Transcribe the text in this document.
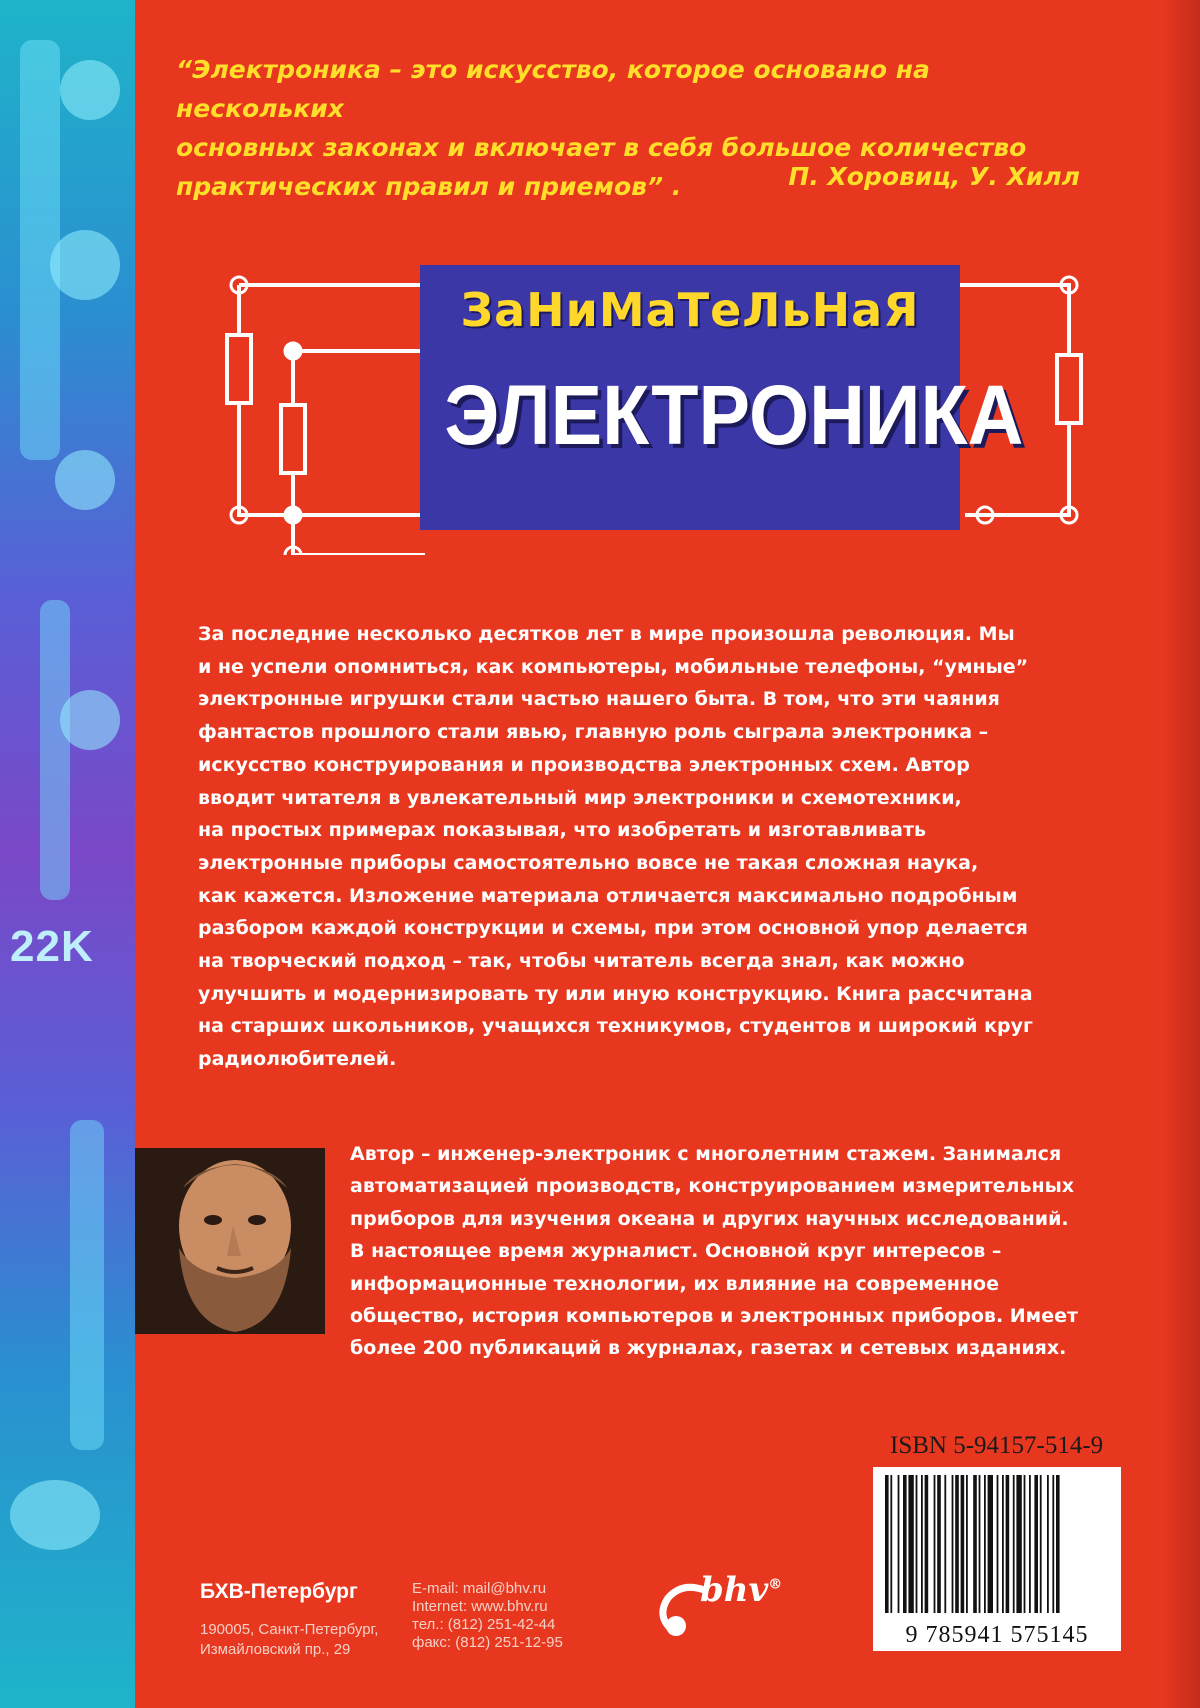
22K
“Электроника – это искусство, которое основано на нескольких
основных законах и включает в себя большое количество
практических правил и приемов” .	П. Хоровиц, У. Хилл
ЗаНиМаТеЛьНаЯ
ЭЛЕКТРОНИКА
За последние несколько десятков лет в мире произошла революция. Мы
и не успели опомниться, как компьютеры, мобильные телефоны, “умные”
электронные игрушки стали частью нашего быта. В том, что эти чаяния
фантастов прошлого стали явью, главную роль сыграла электроника –
искусство конструирования и производства электронных схем. Автор
вводит читателя в увлекательный мир электроники и схемотехники,
на простых примерах показывая, что изобретать и изготавливать
электронные приборы самостоятельно вовсе не такая сложная наука,
как кажется. Изложение материала отличается максимально подробным
разбором каждой конструкции и схемы, при этом основной упор делается
на творческий подход – так, чтобы читатель всегда знал, как можно
улучшить и модернизировать ту или иную конструкцию. Книга рассчитана
на старших школьников, учащихся техникумов, студентов и широкий круг
радиолюбителей.
Автор – инженер-электроник с многолетним стажем. Занимался
автоматизацией производств, конструированием измерительных
приборов для изучения океана и других научных исследований.
В настоящее время журналист. Основной круг интересов –
информационные технологии, их влияние на современное
общество, история компьютеров и электронных приборов. Имеет
более 200 публикаций в журналах, газетах и сетевых изданиях.
ISBN 5-94157-514-9
9 785941 575145
БХВ-Петербург
190005, Санкт-Петербург,
Измайловский пр., 29
E-mail: mail@bhv.ru
Internet: www.bhv.ru
тел.: (812) 251-42-44
факс: (812) 251-12-95
bhv®
